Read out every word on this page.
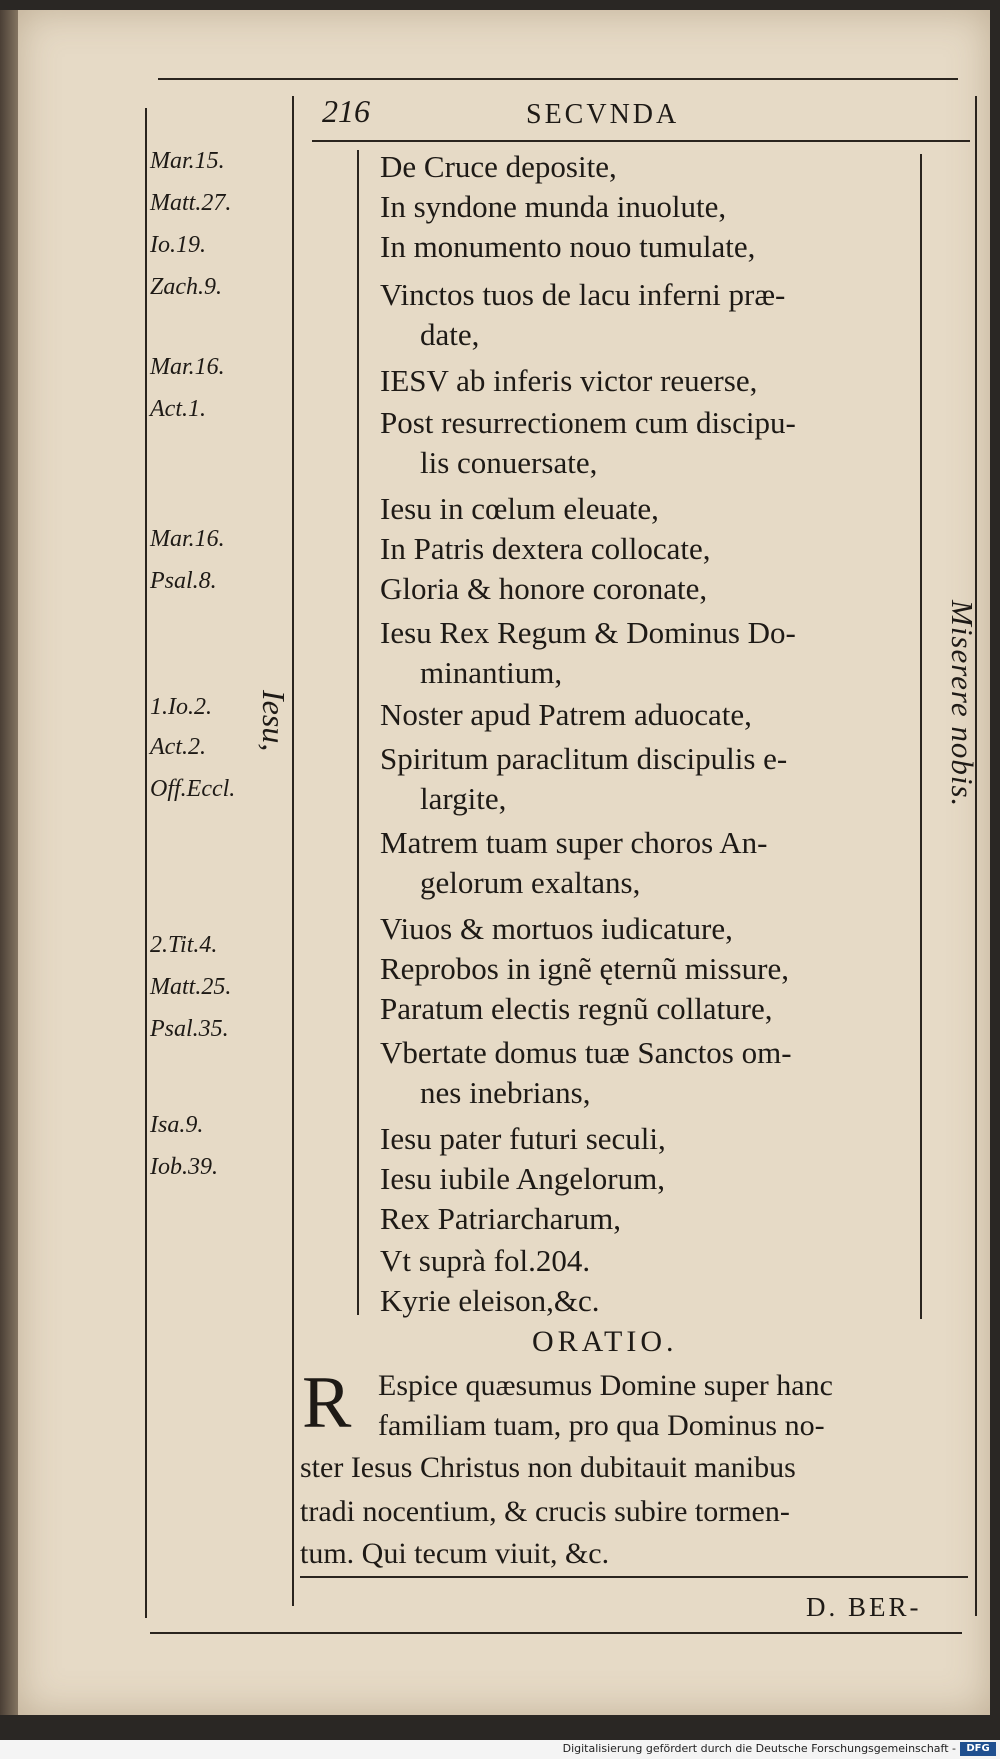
216	SECVNDA
Mar.15.
Matt.27.
Io.19.
Zach.9.
Mar.16.
Act.1.
Mar.16.
Psal.8.
1.Io.2.
Act.2.
Off.Eccl.
2.Tit.4.
Matt.25.
Psal.35.
Isa.9.
Iob.39.
Iesu,	Miserere nobis.
De Cruce deposite,
In syndone munda inuolute,
In monumento nouo tumulate,
Vinctos tuos de lacu inferni præ-
date,
IESV ab inferis victor reuerse,
Post resurrectionem cum discipu-
lis conuersate,
Iesu in cœlum eleuate,
In Patris dextera collocate,
Gloria & honore coronate,
Iesu Rex Regum & Dominus Do-
minantium,
Noster apud Patrem aduocate,
Spiritum paraclitum discipulis e-
largite,
Matrem tuam super choros An-
gelorum exaltans,
Viuos & mortuos iudicature,
Reprobos in ignẽ ęternũ missure,
Paratum electis regnũ collature,
Vbertate domus tuæ Sanctos om-
nes inebrians,
Iesu pater futuri seculi,
Iesu iubile Angelorum,
Rex Patriarcharum,
Vt suprà fol.204.
Kyrie eleison,&c.
ORATIO.
R Espice quæsumus Domine super hanc
familiam tuam, pro qua Dominus no-
ster Iesus Christus non dubitauit manibus
tradi nocentium, & crucis subire tormen-
tum. Qui tecum viuit, &c.
D. BER-
Digitalisierung gefördert durch die Deutsche Forschungsgemeinschaft -	DFG
